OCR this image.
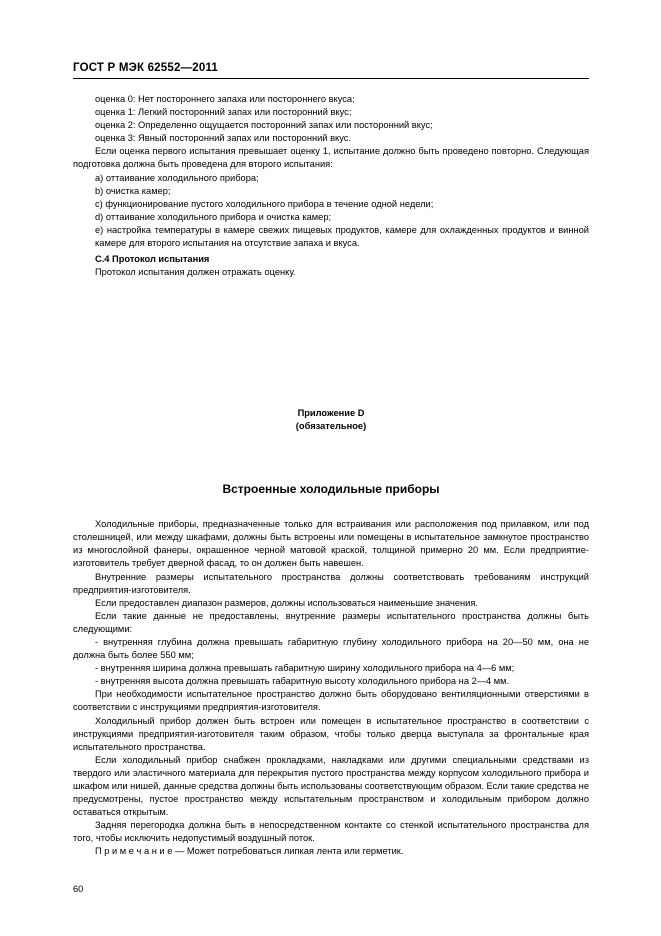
ГОСТ Р МЭК 62552—2011

оценка 0: Нет постороннего запаха или постороннего вкуса;

оценка 1: Легкий посторонний запах или посторонний вкус;

оценка 2: Определенно ощущается посторонний запах или посторонний вкус;

оценка 3: Явный посторонний запах или посторонний вкус.

Если оценка первого испытания превышает оценку 1, испытание должно быть проведено повторно. Следующая подготовка должна быть проведена для второго испытания:

a) оттаивание холодильного прибора;

b) очистка камер;

c) функционирование пустого холодильного прибора в течение одной недели;

d) оттаивание холодильного прибора и очистка камер;

e) настройка температуры в камере свежих пищевых продуктов, камере для охлажденных продуктов и винной камере для второго испытания на отсутствие запаха и вкуса.

С.4 Протокол испытания

Протокол испытания должен отражать оценку.

Приложение D
(обязательное)
Встроенные холодильные приборы

Холодильные приборы, предназначенные только для встраивания или расположения под прилавком, или под столешницей, или между шкафами, должны быть встроены или помещены в испытательное замкнутое пространство из многослойной фанеры, окрашенное черной матовой краской, толщиной примерно 20 мм. Если предприятие-изготовитель требует дверной фасад, то он должен быть навешен.

Внутренние размеры испытательного пространства должны соответствовать требованиям инструкций предприятия-изготовителя.

Если предоставлен диапазон размеров, должны использоваться наименьшие значения.

Если такие данные не предоставлены, внутренние размеры испытательного пространства должны быть следующими:

- внутренняя глубина должна превышать габаритную глубину холодильного прибора на 20—50 мм, она не должна быть более 550 мм;

- внутренняя ширина должна превышать габаритную ширину холодильного прибора на 4—6 мм;

- внутренняя высота должна превышать габаритную высоту холодильного прибора на 2—4 мм.

При необходимости испытательное пространство должно быть оборудовано вентиляционными отверстиями в соответствии с инструкциями предприятия-изготовителя.

Холодильный прибор должен быть встроен или помещен в испытательное пространство в соответствии с инструкциями предприятия-изготовителя таким образом, чтобы только дверца выступала за фронтальные края испытательного пространства.

Если холодильный прибор снабжен прокладками, накладками или другими специальными средствами из твердого или эластичного материала для перекрытия пустого пространства между корпусом холодильного прибора и шкафом или нишей, данные средства должны быть использованы соответствующим образом. Если такие средства не предусмотрены, пустое пространство между испытательным пространством и холодильным прибором должно оставаться открытым.

Задняя перегородка должна быть в непосредственном контакте со стенкой испытательного пространства для того, чтобы исключить недопустимый воздушный поток.

П р и м е ч а н и е — Может потребоваться липкая лента или герметик.

60
